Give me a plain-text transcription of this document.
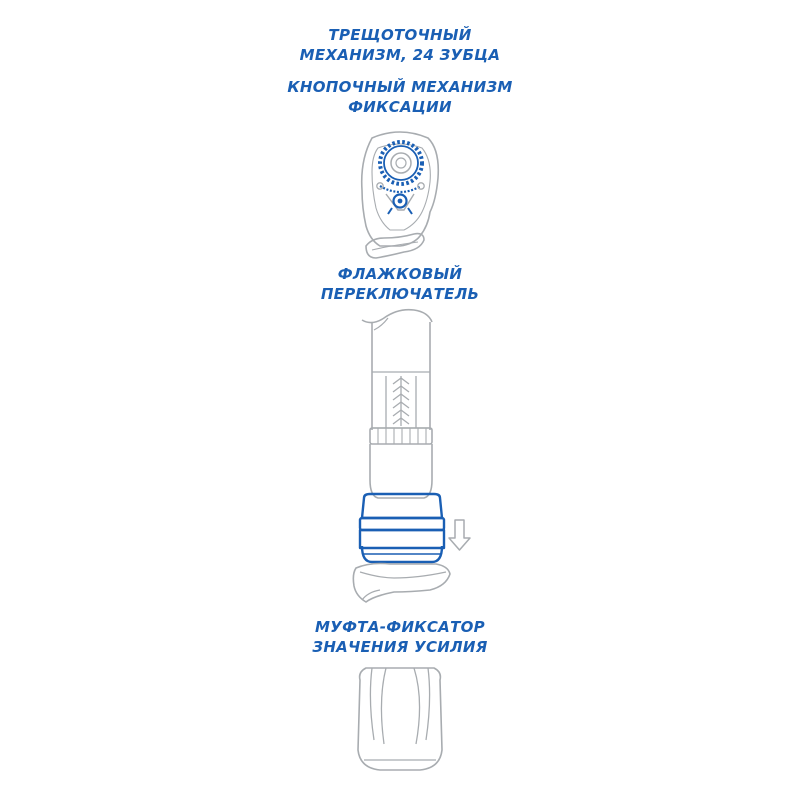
ТРЕЩОТОЧНЫЙ
МЕХАНИЗМ, 24 ЗУБЦА
КНОПОЧНЫЙ МЕХАНИЗМ
ФИКСАЦИИ
ФЛАЖКОВЫЙ
ПЕРЕКЛЮЧАТЕЛЬ
МУФТА-ФИКСАТОР
ЗНАЧЕНИЯ УСИЛИЯ
